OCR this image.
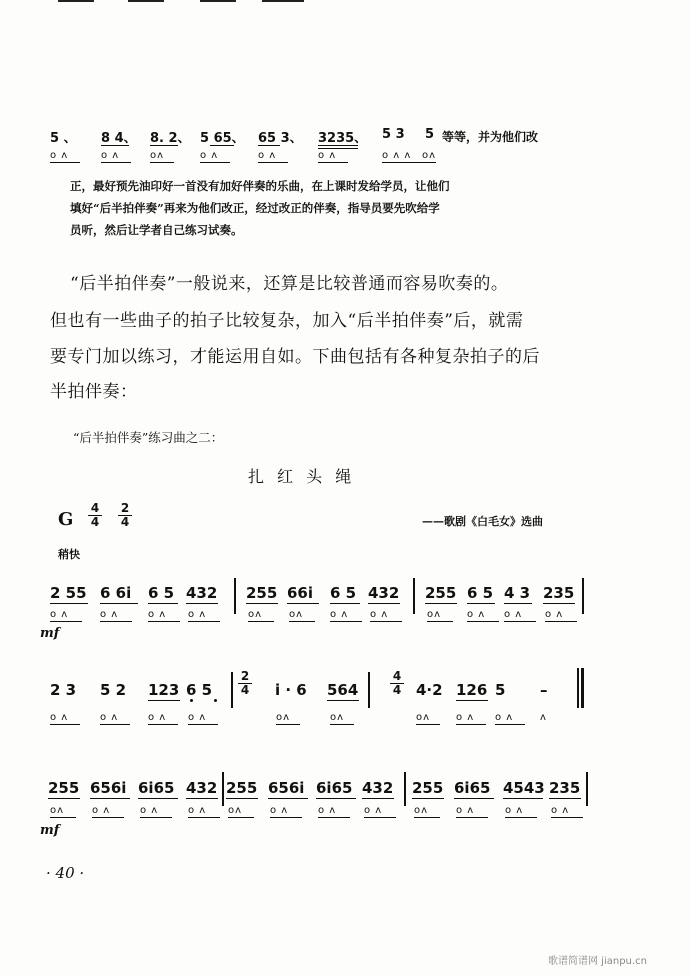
5 、 8 4、 8. 2、 5 65、 65 3、 3235、 5 3 5 等等，并为他们改
o ʌ	o ʌ	oʌ	o ʌ	o ʌ	o ʌ	o ʌ ʌ oʌ
正，最好预先油印好一首没有加好伴奏的乐曲，在上课时发给学员，让他们
填好“后半拍伴奏”再来为他们改正，经过改正的伴奏，指导员要先吹给学
员听，然后让学者自己练习试奏。
“后半拍伴奏”一般说来，还算是比较普通而容易吹奏的。
但也有一些曲子的拍子比较复杂，加入“后半拍伴奏”后，就需
要专门加以练习，才能运用自如。下曲包括有各种复杂拍子的后
半拍伴奏：
“后半拍伴奏”练习曲之二：
扎 红 头 绳
G
4
4
2
4	——歌剧《白毛女》选曲
稍快
2 55 6 6i 6 5 432 255 66i 6 5 432 255 6 5 4 3 235
o ʌ	o ʌ	o ʌ o ʌ	oʌ	oʌ	o ʌ o ʌ	oʌ	o ʌ o ʌ o ʌ
mf
2 3 5 2 123 6 5
2
4 i · 6 564
4
4 4·2 126 5 –
o ʌ	o ʌ	o ʌ o ʌ	oʌ	oʌ	oʌ	o ʌ o ʌ	ʌ
255 656i 6i65 432 255 656i 6i65 432 255 6i65 4543 235
oʌ	o ʌ	o ʌ	o ʌ oʌ	o ʌ	o ʌ	o ʌ	oʌ	o ʌ	o ʌ	o ʌ
mf
· 40 ·
歌谱简谱网 jianpu.cn
